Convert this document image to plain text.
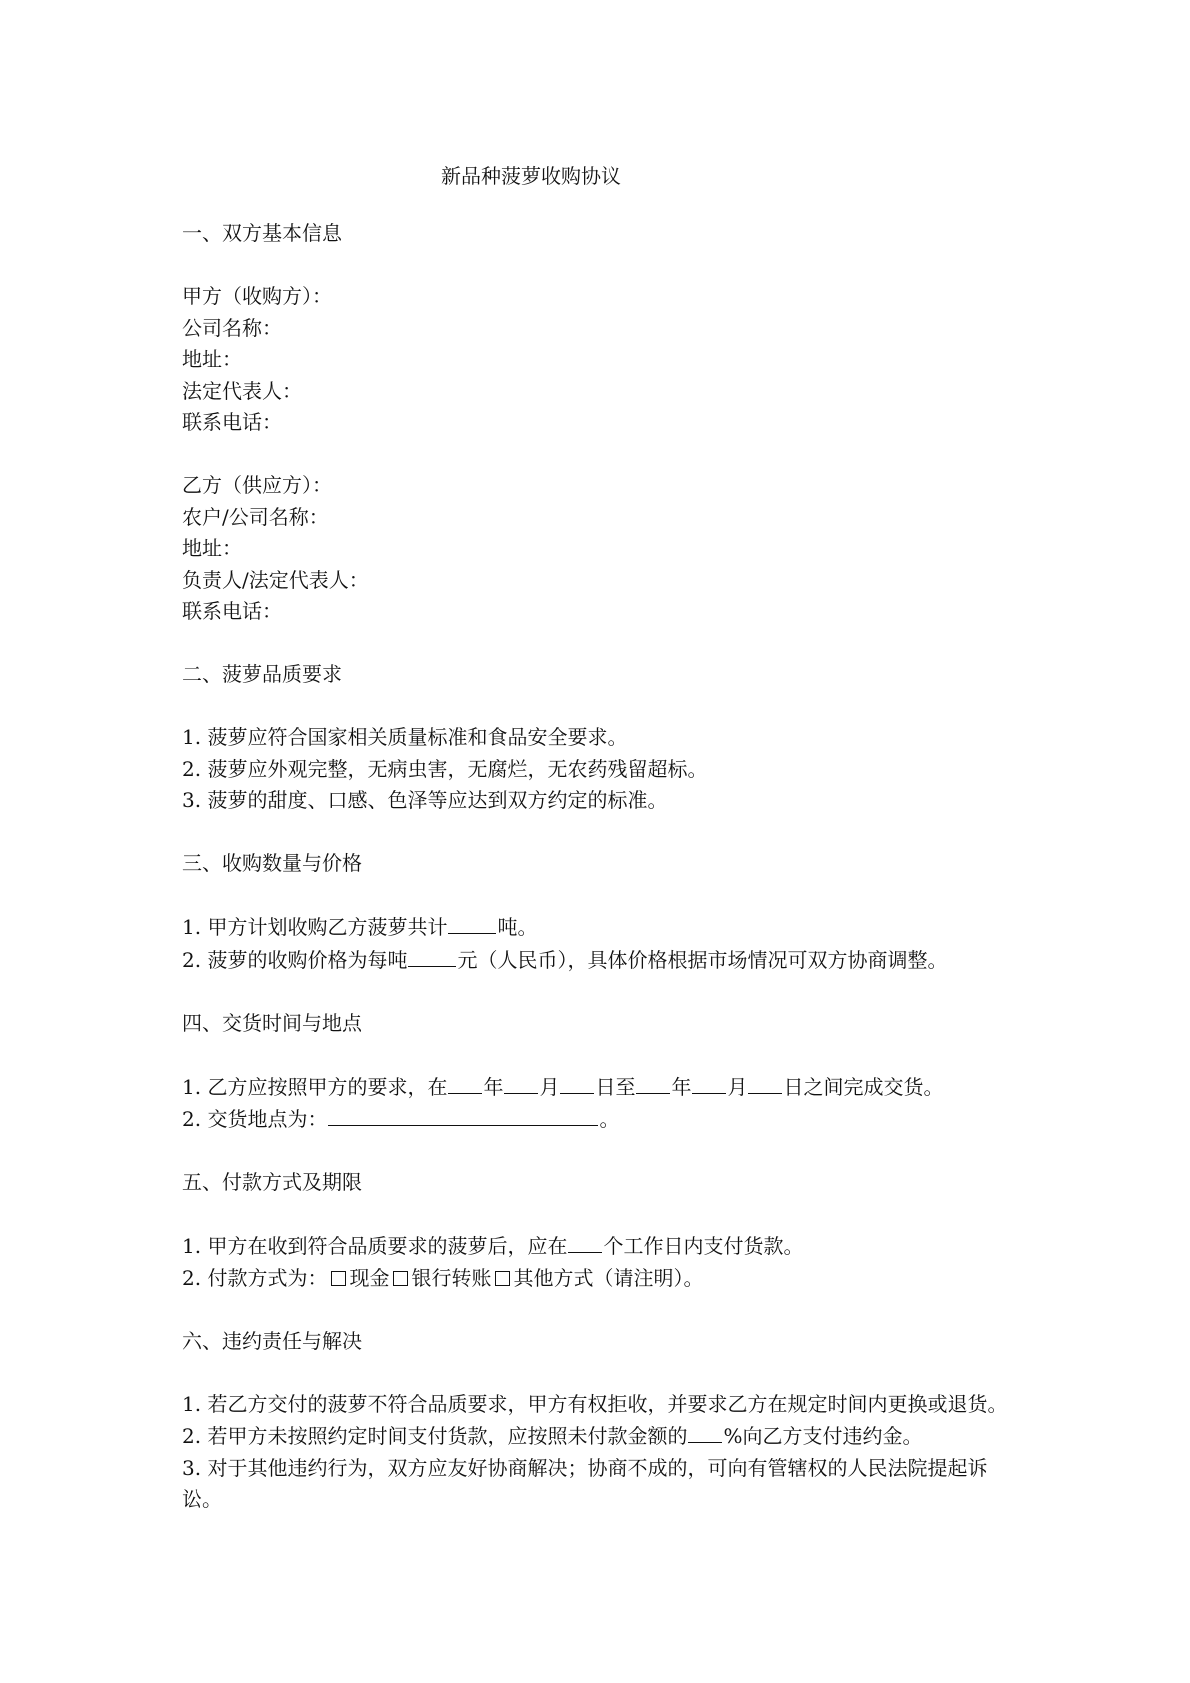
新品种菠萝收购协议

一、双方基本信息

甲方（收购方）：

公司名称：

地址：

法定代表人：

联系电话：

乙方（供应方）：

农户/公司名称：

地址：

负责人/法定代表人：

联系电话：

二、菠萝品质要求

1. 菠萝应符合国家相关质量标准和食品安全要求。

2. 菠萝应外观完整，无病虫害，无腐烂，无农药残留超标。

3. 菠萝的甜度、口感、色泽等应达到双方约定的标准。

三、收购数量与价格

1. 甲方计划收购乙方菠萝共计	吨。

2. 菠萝的收购价格为每吨	元（人民币），具体价格根据市场情况可双方协商调整。

四、交货时间与地点

1. 乙方应按照甲方的要求，在 年 月 日至 年 月 日之间完成交货。

2. 交货地点为：	。

五、付款方式及期限

1. 甲方在收到符合品质要求的菠萝后，应在 个工作日内支付货款。

2. 付款方式为： 现金 银行转账 其他方式（请注明）。

六、违约责任与解决

1. 若乙方交付的菠萝不符合品质要求，甲方有权拒收，并要求乙方在规定时间内更换或退货。

2. 若甲方未按照约定时间支付货款，应按照未付款金额的 %向乙方支付违约金。

3. 对于其他违约行为，双方应友好协商解决；协商不成的，可向有管辖权的人民法院提起诉讼。
